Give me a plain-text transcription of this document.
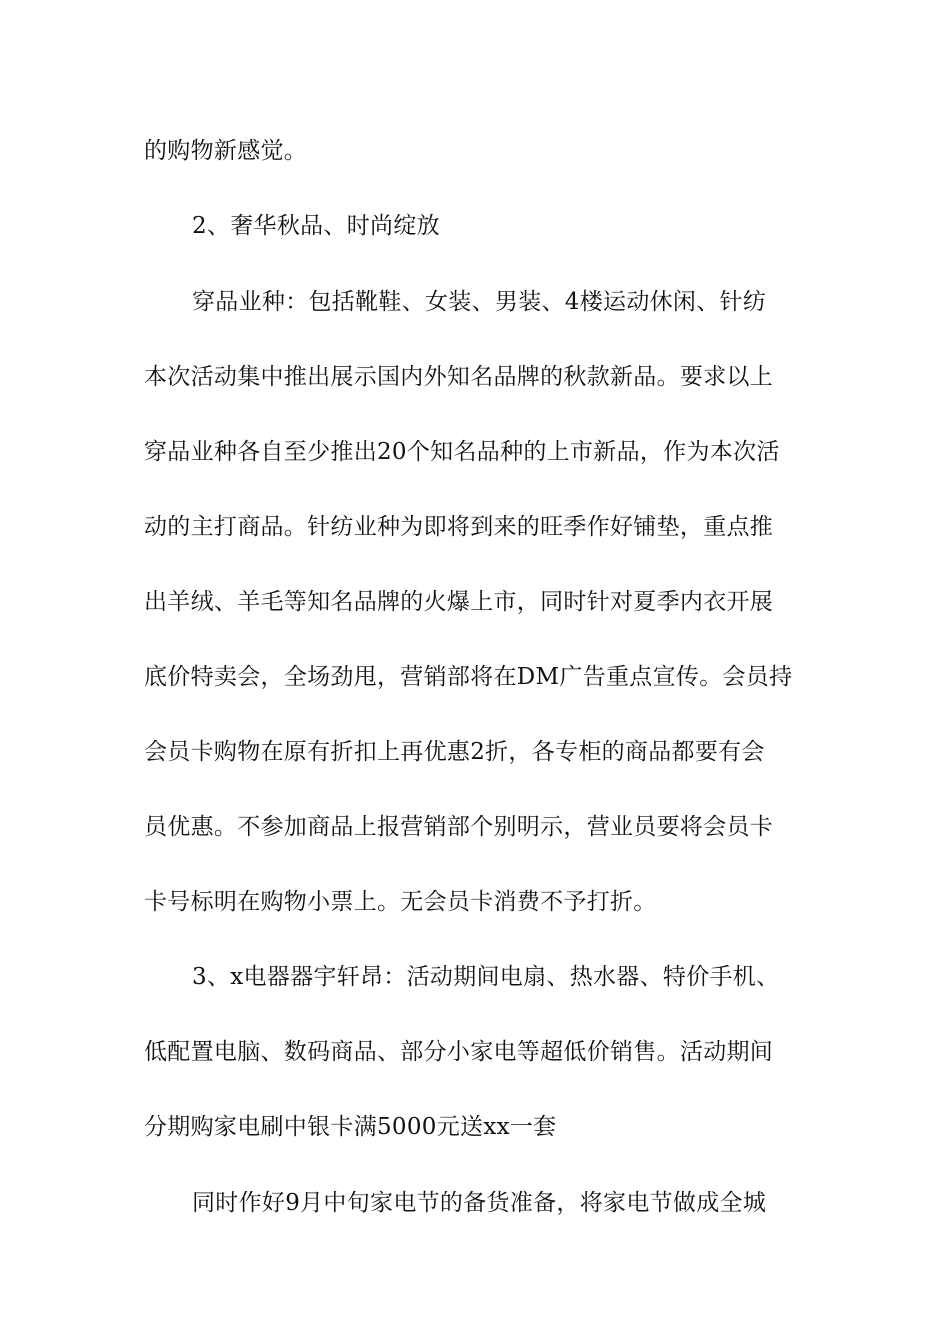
的购物新感觉。
2、奢华秋品、时尚绽放
穿品业种：包括靴鞋、女装、男装、4楼运动休闲、针纺
本次活动集中推出展示国内外知名品牌的秋款新品。要求以上
穿品业种各自至少推出20个知名品种的上市新品，作为本次活
动的主打商品。针纺业种为即将到来的旺季作好铺垫，重点推
出羊绒、羊毛等知名品牌的火爆上市，同时针对夏季内衣开展
底价特卖会，全场劲甩，营销部将在DM广告重点宣传。会员持
会员卡购物在原有折扣上再优惠2折，各专柜的商品都要有会
员优惠。不参加商品上报营销部个别明示，营业员要将会员卡
卡号标明在购物小票上。无会员卡消费不予打折。
3、x电器器宇轩昂：活动期间电扇、热水器、特价手机、
低配置电脑、数码商品、部分小家电等超低价销售。活动期间
分期购家电刷中银卡满5000元送xx一套
同时作好9月中旬家电节的备货准备，将家电节做成全城
